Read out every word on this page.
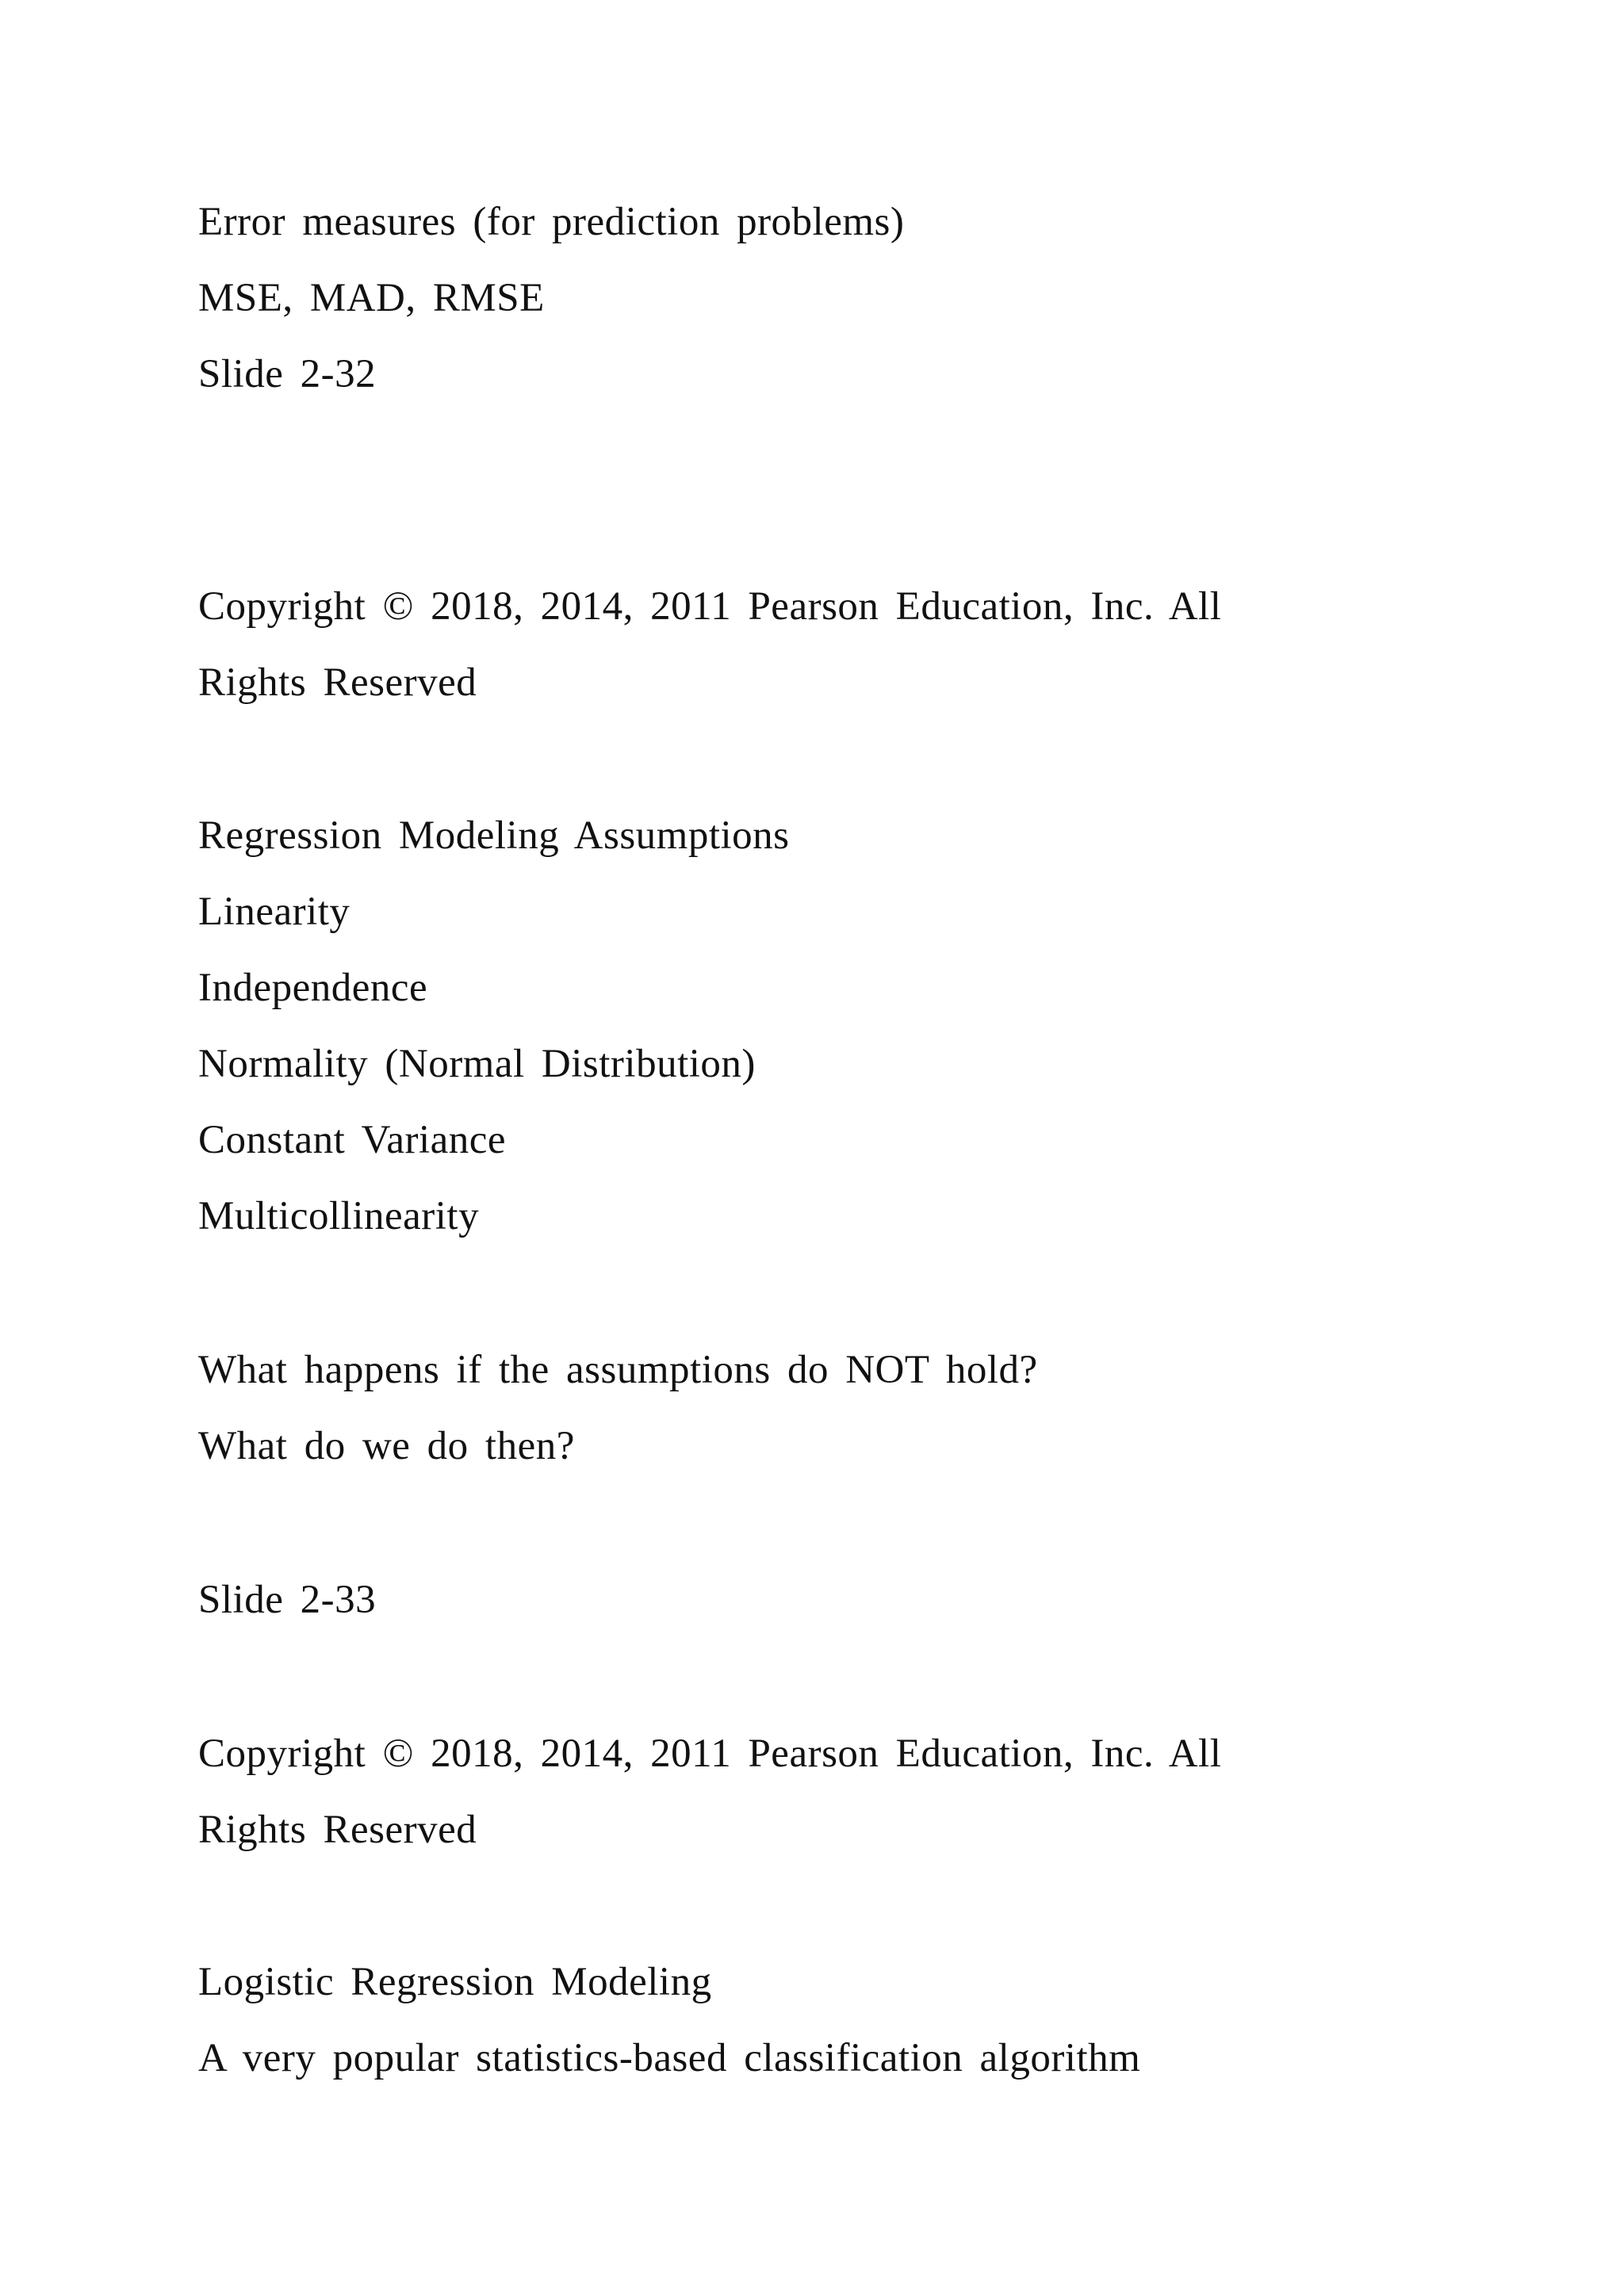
Error measures (for prediction problems)

MSE, MAD, RMSE

Slide 2-32

Copyright © 2018, 2014, 2011 Pearson Education, Inc. All

Rights Reserved

Regression Modeling Assumptions

Linearity

Independence

Normality (Normal Distribution)

Constant Variance

Multicollinearity

What happens if the assumptions do NOT hold?

What do we do then?

Slide 2-33

Copyright © 2018, 2014, 2011 Pearson Education, Inc. All

Rights Reserved

Logistic Regression Modeling

A very popular statistics-based classification algorithm
